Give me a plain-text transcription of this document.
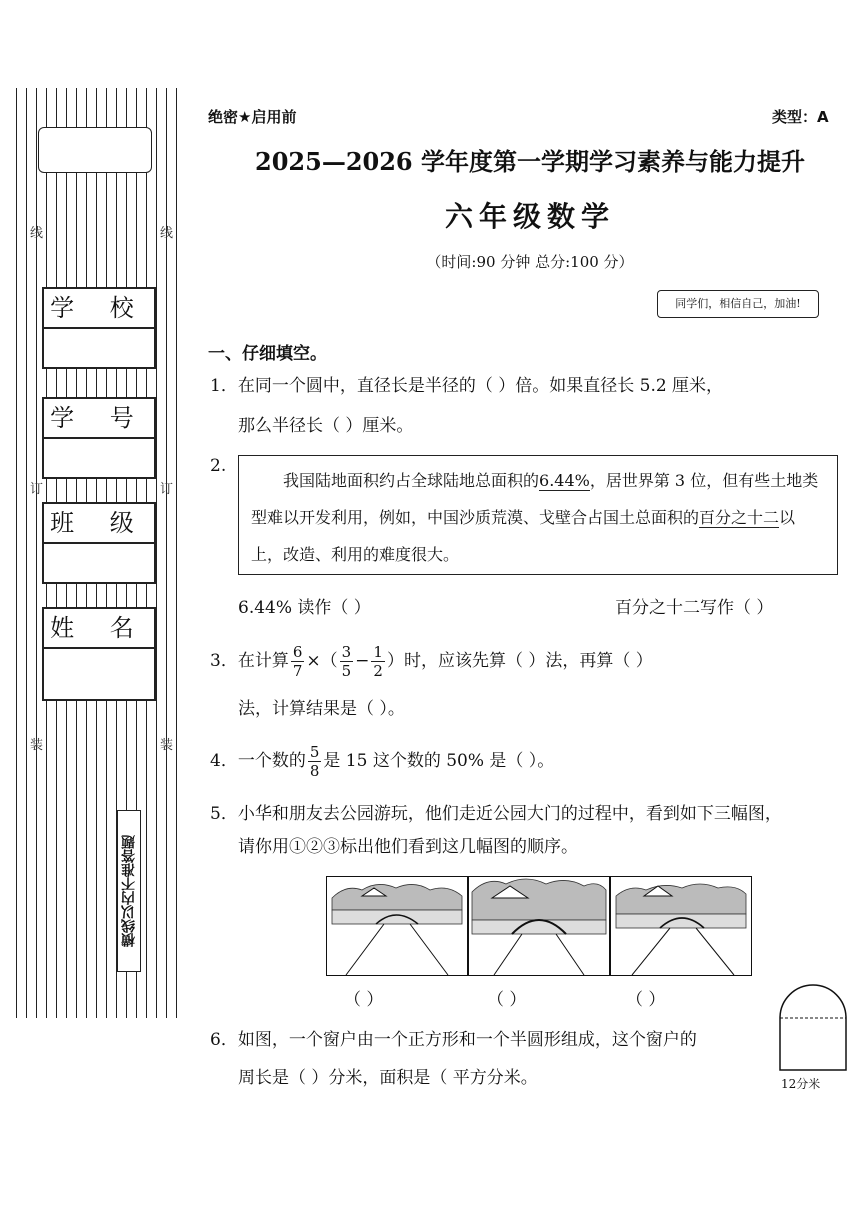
线	线
订	订
装	装
学 校
学 号
班 级
姓 名
横线以内不准答题
绝密★启用前	类型：A
2025—2026 学年度第一学期学习素养与能力提升
六年级数学
（时间:90 分钟 总分:100 分）
同学们，相信自己，加油!
一、仔细填空。
1．在同一个圆中，直径长是半径的（ ）倍。如果直径长 5.2 厘米，
那么半径长（ ）厘米。
2.
我国陆地面积约占全球陆地总面积的6.44%，居世界第 3 位，但有些土地类型难以开发利用，例如，中国沙质荒漠、戈壁合占国土总面积的百分之十二以上，改造、利用的难度很大。
6.44% 读作（ ）	百分之十二写作（ ）
3．在计算 $\frac{6}{7}$ ×（ $\frac{3}{5} - \frac{1}{2}$ ）时，应该先算（ ）法，再算（ ）
法，计算结果是（ ）。
4．一个数的 $\frac{5}{8}$ 是 15 这个数的 50% 是（ ）。
5．小华和朋友去公园游玩，他们走近公园大门的过程中，看到如下三幅图，
请你用①②③标出他们看到这几幅图的顺序。
（ ）	（ ）	（ ）
6．如图，一个窗户由一个正方形和一个半圆形组成，这个窗户的
周长是（ ）分米，面积是（ 平方分米。	12分米
